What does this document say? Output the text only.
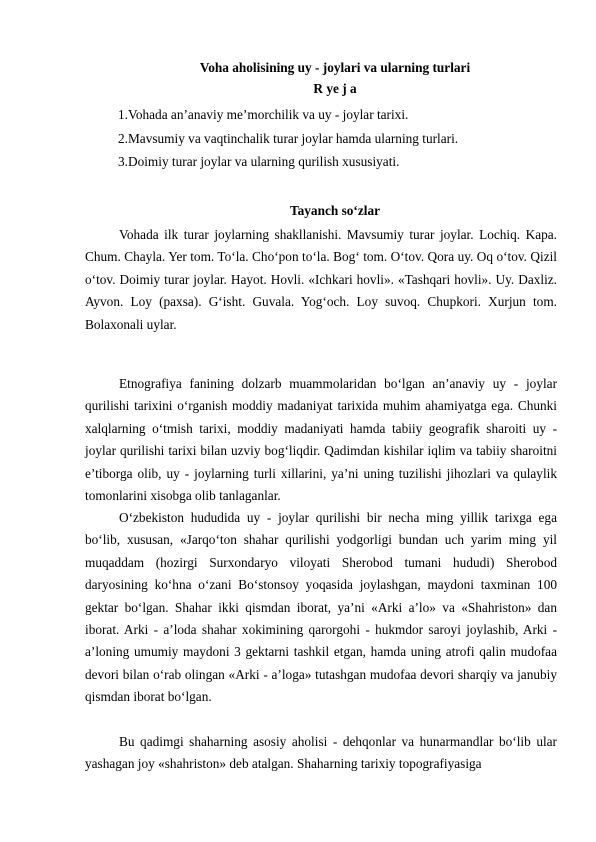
Voha aholisining uy - joylari va ularning turlari
R ye j a
1.Vohada an’anaviy me’morchilik va uy - joylar tarixi.
2.Mavsumiy va vaqtinchalik turar joylar hamda ularning turlari.
3.Doimiy turar joylar va ularning qurilish xususiyati.
Tayanch so‘zlar

Vohada ilk turar joylarning shakllanishi. Mavsumiy turar joylar. Lochiq. Kapa. Chum. Chayla. Yer tom. To‘la. Cho‘pon to‘la. Bog‘ tom. O‘tov. Qora uy. Oq o‘tov. Qizil o‘tov. Doimiy turar joylar. Hayot. Hovli. «Ichkari hovli». «Tashqari hovli». Uy. Daxliz. Ayvon. Loy (paxsa). G‘isht. Guvala. Yog‘och. Loy suvoq. Chupkori. Xurjun tom. Bolaxonali uylar.

Etnografiya fanining dolzarb muammolaridan bo‘lgan an’anaviy uy - joylar qurilishi tarixini o‘rganish moddiy madaniyat tarixida muhim ahamiyatga ega. Chunki xalqlarning o‘tmish tarixi, moddiy madaniyati hamda tabiiy geografik sharoiti uy - joylar qurilishi tarixi bilan uzviy bog‘liqdir. Qadimdan kishilar iqlim va tabiiy sharoitni e’tiborga olib, uy - joylarning turli xillarini, ya’ni uning tuzilishi jihozlari va qulaylik tomonlarini xisobga olib tanlaganlar.

O‘zbekiston hududida uy - joylar qurilishi bir necha ming yillik tarixga ega bo‘lib, xususan, «Jarqo‘ton shahar qurilishi yodgorligi bundan uch yarim ming yil muqaddam (hozirgi Surxondaryo viloyati Sherobod tumani hududi) Sherobod daryosining ko‘hna o‘zani Bo‘stonsoy yoqasida joylashgan, maydoni taxminan 100 gektar bo‘lgan. Shahar ikki qismdan iborat, ya’ni «Arki a’lo» va «Shahriston» dan iborat. Arki - a’loda shahar xokimining qarorgohi - hukmdor saroyi joylashib, Arki - a’loning umumiy maydoni 3 gektarni tashkil etgan, hamda uning atrofi qalin mudofaa devori bilan o‘rab olingan «Arki - a’loga» tutashgan mudofaa devori sharqiy va janubiy qismdan iborat bo‘lgan.

Bu qadimgi shaharning asosiy aholisi - dehqonlar va hunarmandlar bo‘lib ular yashagan joy «shahriston» deb atalgan. Shaharning tarixiy topografiyasiga
